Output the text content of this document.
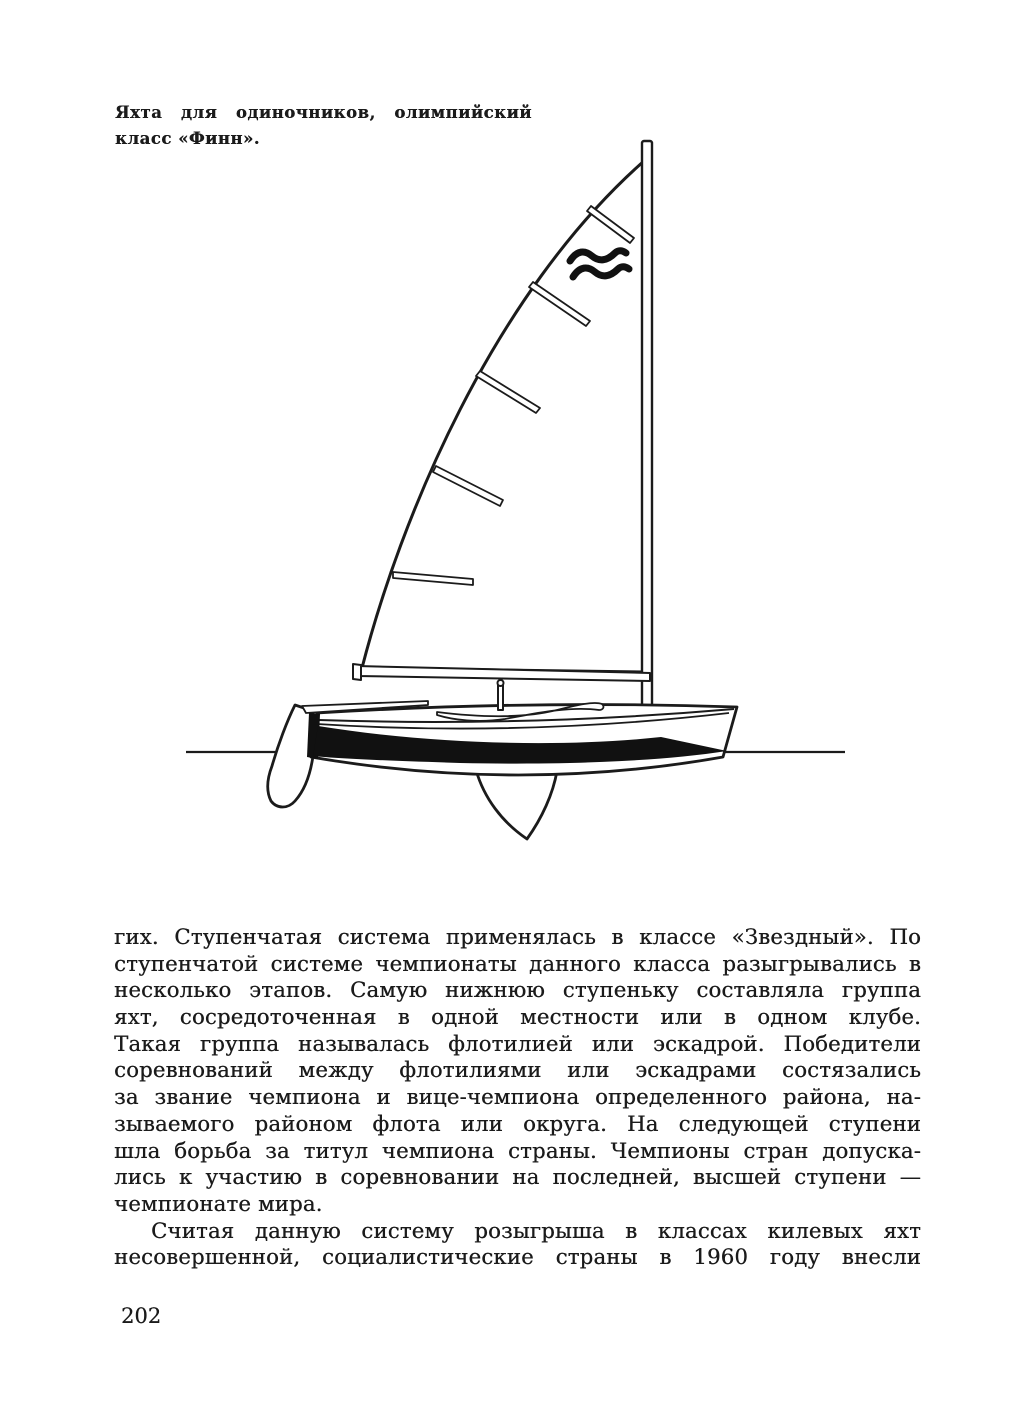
Яхта для одиночников, олимпийский
класс «Финн».
гих. Ступенчатая система применялась в классе «Звездный». По
ступенчатой системе чемпионаты данного класса разыгрывались в
несколько этапов. Самую нижнюю ступеньку составляла группа
яхт, сосредоточенная в одной местности или в одном клубе.
Такая группа называлась флотилией или эскадрой. Победители
соревнований между флотилиями или эскадрами состязались
за звание чемпиона и вице-чемпиона определенного района, на-
зываемого районом флота или округа. На следующей ступени
шла борьба за титул чемпиона страны. Чемпионы стран допуска-
лись к участию в соревновании на последней, высшей ступени —
чемпионате мира.
Считая данную систему розыгрыша в классах килевых яхт
несовершенной, социалистические страны в 1960 году внесли
202
